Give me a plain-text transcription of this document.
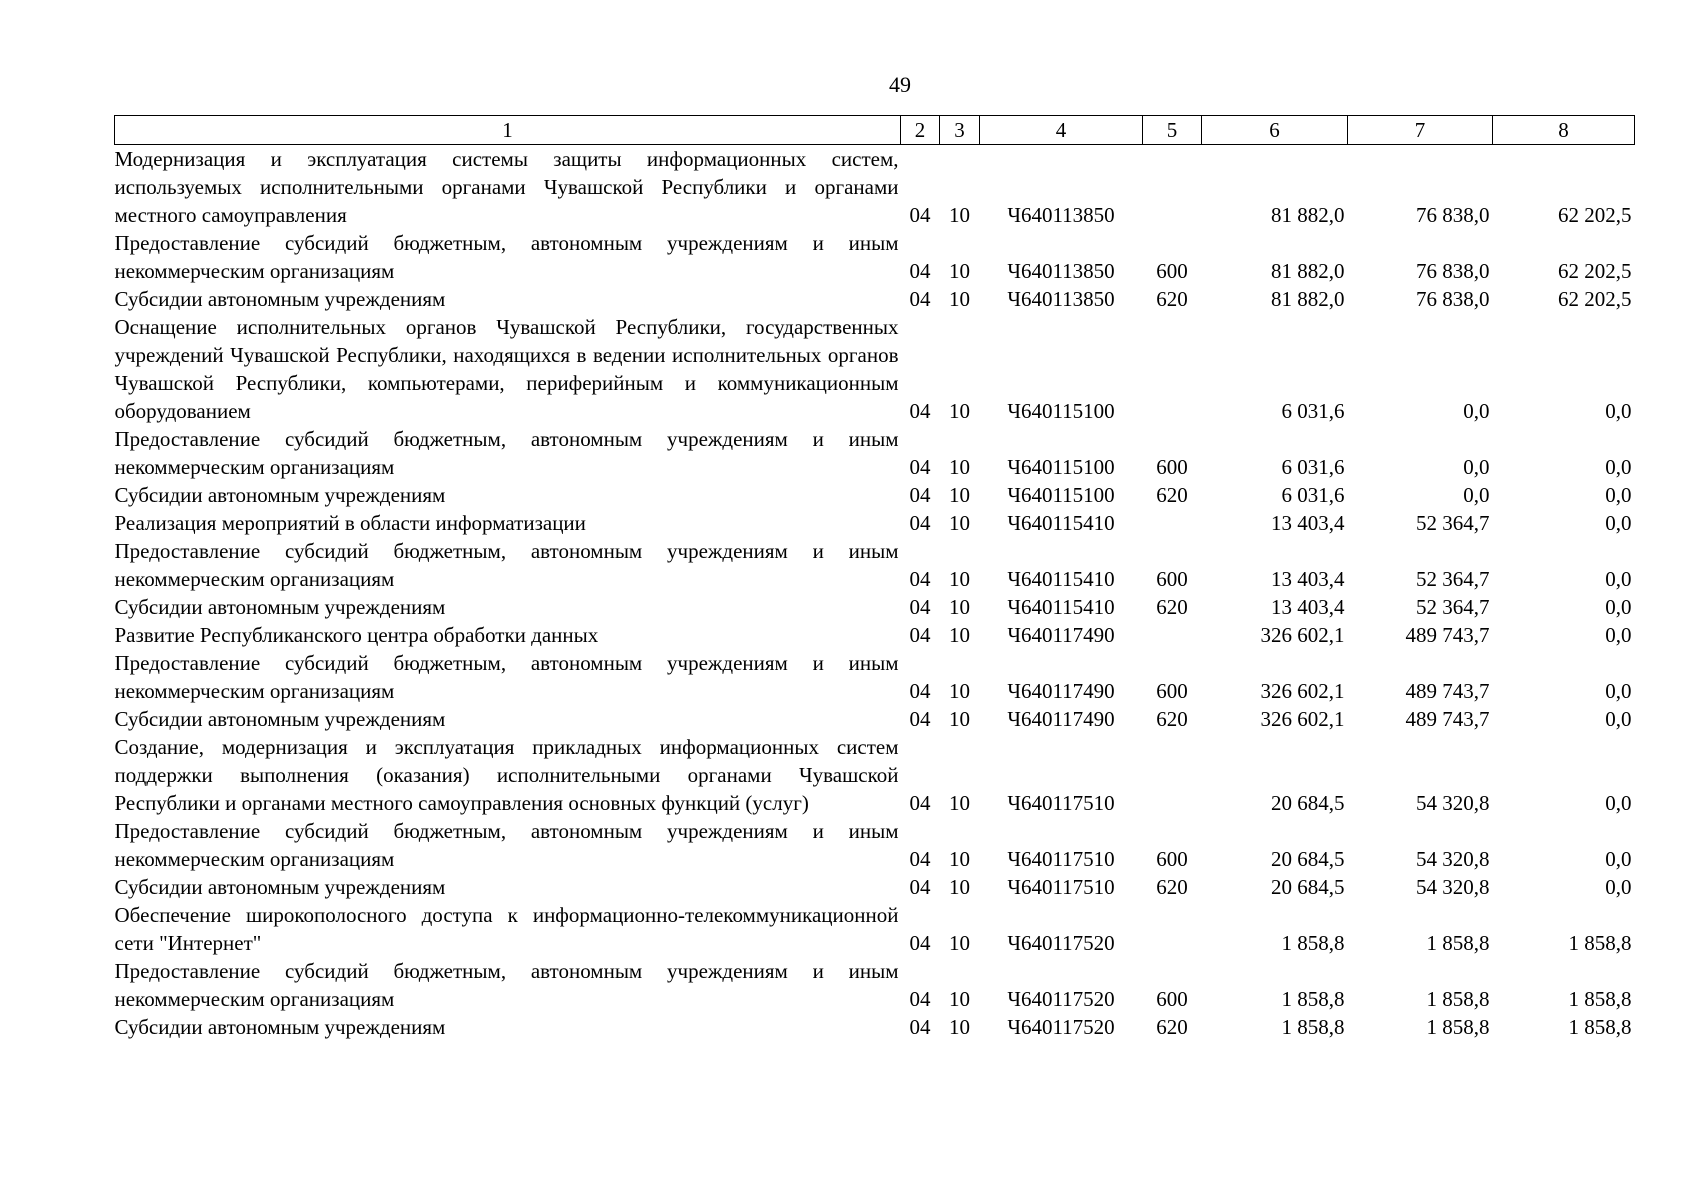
49
1	2	3	4	5	6	7	8
Модернизация и эксплуатация системы защиты информационных систем, используемых исполнительными органами Чувашской Республики и органами местного самоуправления	04	10	Ч640113850		81 882,0	76 838,0	62 202,5
Предоставление субсидий бюджетным, автономным учреждениям и иным некоммерческим организациям	04	10	Ч640113850	600	81 882,0	76 838,0	62 202,5
Субсидии автономным учреждениям	04	10	Ч640113850	620	81 882,0	76 838,0	62 202,5
Оснащение исполнительных органов Чувашской Республики, государственных учреждений Чувашской Республики, находящихся в ведении исполнительных органов Чувашской Республики, компьютерами, периферийным и коммуникационным оборудованием	04	10	Ч640115100		6 031,6	0,0	0,0
Предоставление субсидий бюджетным, автономным учреждениям и иным некоммерческим организациям	04	10	Ч640115100	600	6 031,6	0,0	0,0
Субсидии автономным учреждениям	04	10	Ч640115100	620	6 031,6	0,0	0,0
Реализация мероприятий в области информатизации	04	10	Ч640115410		13 403,4	52 364,7	0,0
Предоставление субсидий бюджетным, автономным учреждениям и иным некоммерческим организациям	04	10	Ч640115410	600	13 403,4	52 364,7	0,0
Субсидии автономным учреждениям	04	10	Ч640115410	620	13 403,4	52 364,7	0,0
Развитие Республиканского центра обработки данных	04	10	Ч640117490		326 602,1	489 743,7	0,0
Предоставление субсидий бюджетным, автономным учреждениям и иным некоммерческим организациям	04	10	Ч640117490	600	326 602,1	489 743,7	0,0
Субсидии автономным учреждениям	04	10	Ч640117490	620	326 602,1	489 743,7	0,0
Создание, модернизация и эксплуатация прикладных информационных систем поддержки выполнения (оказания) исполнительными органами Чувашской Республики и органами местного самоуправления основных функций (услуг)	04	10	Ч640117510		20 684,5	54 320,8	0,0
Предоставление субсидий бюджетным, автономным учреждениям и иным некоммерческим организациям	04	10	Ч640117510	600	20 684,5	54 320,8	0,0
Субсидии автономным учреждениям	04	10	Ч640117510	620	20 684,5	54 320,8	0,0
Обеспечение широкополосного доступа к информационно-телекоммуникационной сети "Интернет"	04	10	Ч640117520		1 858,8	1 858,8	1 858,8
Предоставление субсидий бюджетным, автономным учреждениям и иным некоммерческим организациям	04	10	Ч640117520	600	1 858,8	1 858,8	1 858,8
Субсидии автономным учреждениям	04	10	Ч640117520	620	1 858,8	1 858,8	1 858,8
